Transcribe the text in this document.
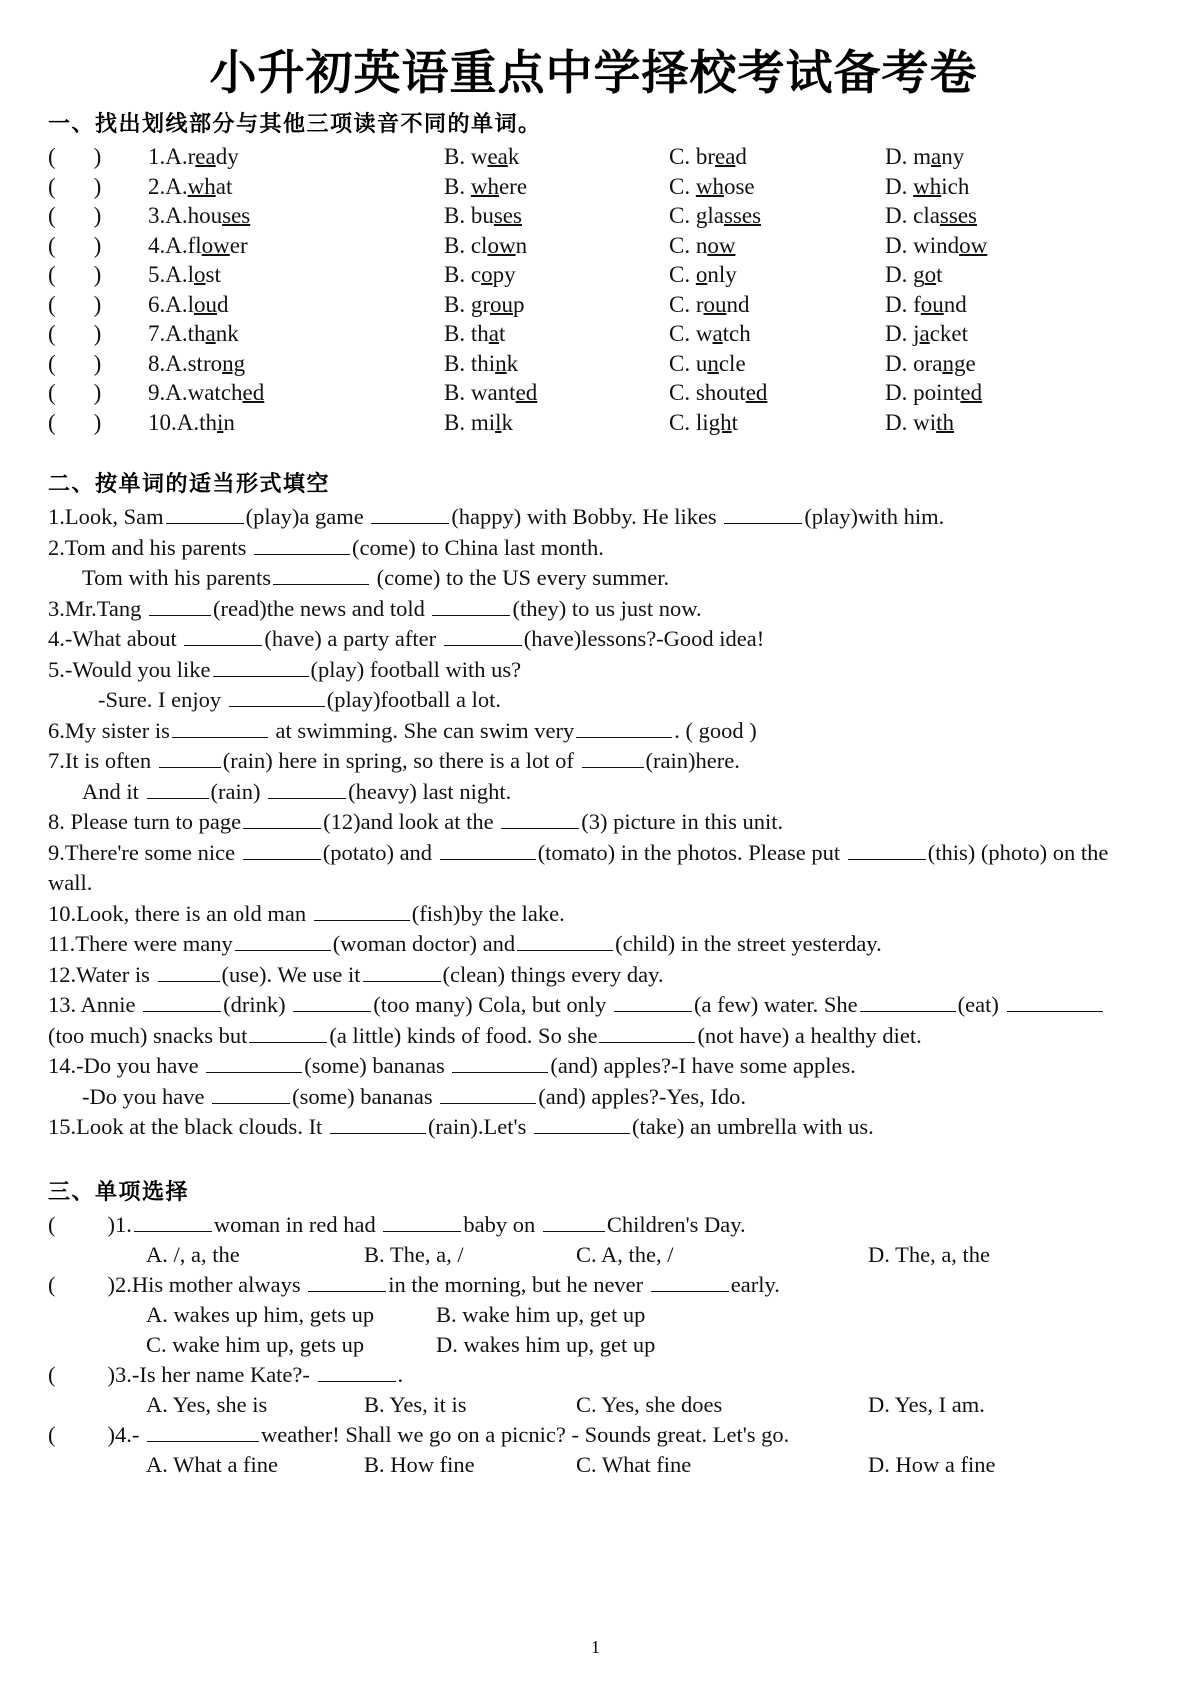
小升初英语重点中学择校考试备考卷
一、找出划线部分与其他三项读音不同的单词。
( )	1.A.ready	B. weak	C. bread	D. many
( )	2.A.what	B. where	C. whose	D. which
( )	3.A.houses	B. buses	C. glasses	D. classes
( )	4.A.flower	B. clown	C. now	D. window
( )	5.A.lost	B. copy	C. only	D. got
( )	6.A.loud	B. group	C. round	D. found
( )	7.A.thank	B. that	C. watch	D. jacket
( )	8.A.strong	B. think	C. uncle	D. orange
( )	9.A.watched	B. wanted	C. shouted	D. pointed
( )	10.A.thin	B. milk	C. light	D. with
二、按单词的适当形式填空
1.Look, Sam	(play)a game	(happy) with Bobby. He likes	(play)with him.
2.Tom and his parents	(come) to China last month.
Tom with his parents	(come) to the US every summer.
3.Mr.Tang	(read)the news and told	(they) to us just now.
4.-What about	(have) a party after	(have)lessons?-Good idea!
5.-Would you like	(play) football with us?
-Sure. I enjoy	(play)football a lot.
6.My sister is	at swimming. She can swim very	. ( good )
7.It is often	(rain) here in spring, so there is a lot of	(rain)here.
And it	(rain)	(heavy) last night.
8. Please turn to page	(12)and look at the	(3) picture in this unit.
9.There're some nice	(potato) and	(tomato) in the photos. Please put	(this) (photo) on the wall.
10.Look, there is an old man	(fish)by the lake.
11.There were many	(woman doctor) and	(child) in the street yesterday.
12.Water is	(use). We use it	(clean) things every day.
13. Annie	(drink)	(too many) Cola, but only	(a few) water. She	(eat) (too much) snacks but	(a little) kinds of food. So she	(not have) a healthy diet.
14.-Do you have	(some) bananas	(and) apples?-I have some apples.
-Do you have	(some) bananas	(and) apples?-Yes, Ido.
15.Look at the black clouds. It	(rain).Let's	(take) an umbrella with us.
三、单项选择
( )1.	woman in red had	baby on	Children's Day.
A. /, a, the	B. The, a, /	C. A, the, /	D. The, a, the
( )2.His mother always	in the morning, but he never	early.
A. wakes up him, gets up	B. wake him up, get up
C. wake him up, gets up	D. wakes him up, get up
( )3.-Is her name Kate?-	.
A. Yes, she is	B. Yes, it is	C. Yes, she does	D. Yes, I am.
( )4.-	weather! Shall we go on a picnic? - Sounds great. Let's go.
A. What a fine	B. How fine	C. What fine	D. How a fine
1
